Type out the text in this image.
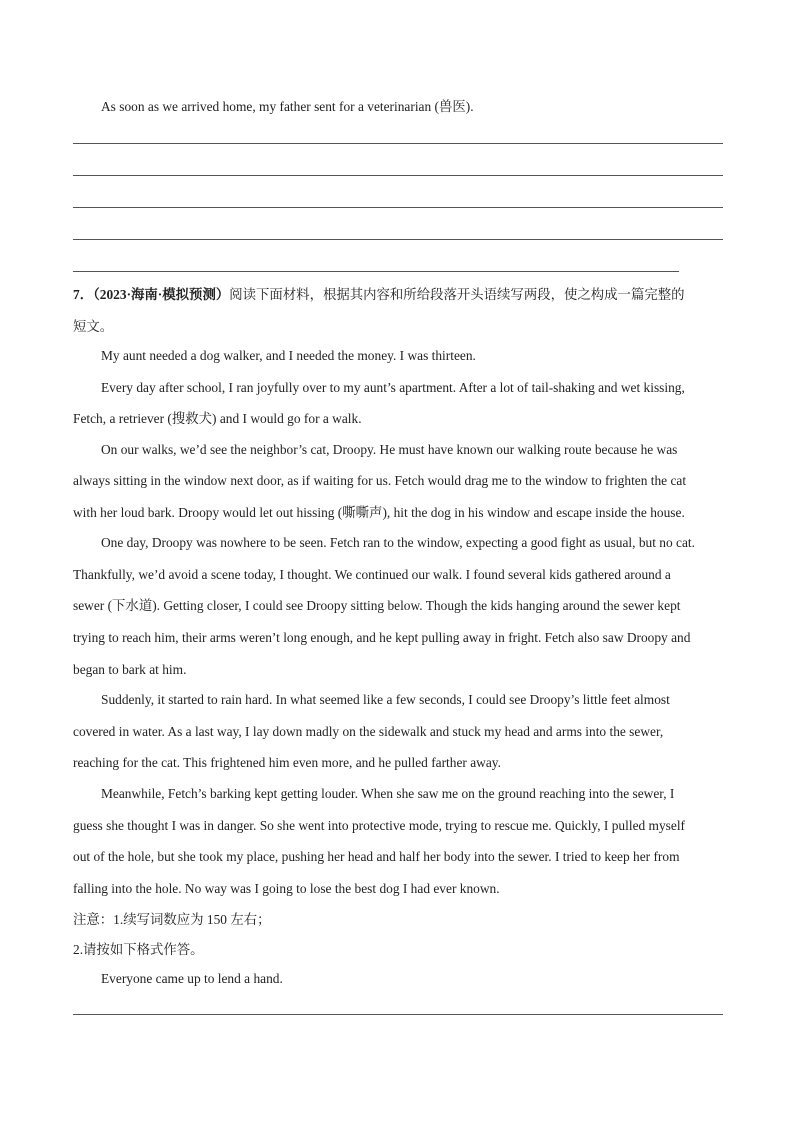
As soon as we arrived home, my father sent for a veterinarian (兽医).
7．（2023·海南·模拟预测）阅读下面材料，根据其内容和所给段落开头语续写两段，使之构成一篇完整的
短文。
My aunt needed a dog walker, and I needed the money. I was thirteen.
Every day after school, I ran joyfully over to my aunt’s apartment. After a lot of tail-shaking and wet kissing,
Fetch, a retriever (搜救犬) and I would go for a walk.
On our walks, we’d see the neighbor’s cat, Droopy. He must have known our walking route because he was
always sitting in the window next door, as if waiting for us. Fetch would drag me to the window to frighten the cat
with her loud bark. Droopy would let out hissing (嘶嘶声), hit the dog in his window and escape inside the house.
One day, Droopy was nowhere to be seen. Fetch ran to the window, expecting a good fight as usual, but no cat.
Thankfully, we’d avoid a scene today, I thought. We continued our walk. I found several kids gathered around a
sewer (下水道). Getting closer, I could see Droopy sitting below. Though the kids hanging around the sewer kept
trying to reach him, their arms weren’t long enough, and he kept pulling away in fright. Fetch also saw Droopy and
began to bark at him.
Suddenly, it started to rain hard. In what seemed like a few seconds, I could see Droopy’s little feet almost
covered in water. As a last way, I lay down madly on the sidewalk and stuck my head and arms into the sewer,
reaching for the cat. This frightened him even more, and he pulled farther away.
Meanwhile, Fetch’s barking kept getting louder. When she saw me on the ground reaching into the sewer, I
guess she thought I was in danger. So she went into protective mode, trying to rescue me. Quickly, I pulled myself
out of the hole, but she took my place, pushing her head and half her body into the sewer. I tried to keep her from
falling into the hole. No way was I going to lose the best dog I had ever known.
注意：1.续写词数应为 150 左右；
2.请按如下格式作答。
Everyone came up to lend a hand.
